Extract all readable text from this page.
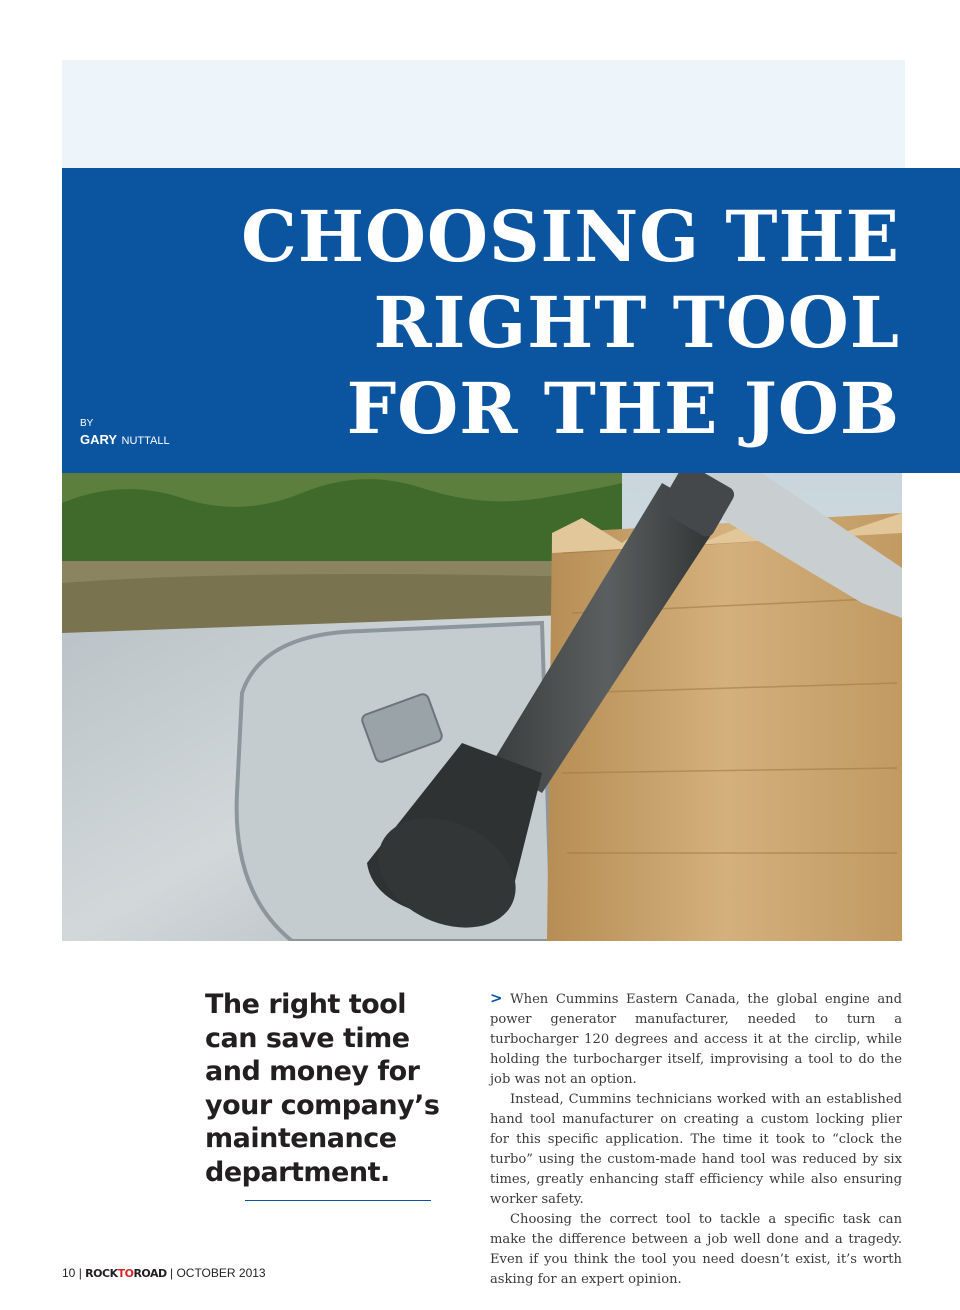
CHOOSING THE
RIGHT TOOL
FOR THE JOB
BY
GARY NUTTALL

The right tool can save time and money for your company’s maintenance department.

> When Cummins Eastern Canada, the global engine and power generator manufacturer, needed to turn a turbocharger 120 degrees and access it at the circlip, while holding the turbocharger itself, improvising a tool to do the job was not an option.

Instead, Cummins technicians worked with an established hand tool manufacturer on creating a custom locking plier for this specific application. The time it took to “clock the turbo” using the custom-made hand tool was reduced by six times, greatly enhancing staff efficiency while also ensuring worker safety.

Choosing the correct tool to tackle a specific task can make the difference between a job well done and a tragedy. Even if you think the tool you need doesn’t exist, it’s worth asking for an expert opinion.

10 | ROCKTOROAD | OCTOBER 2013
